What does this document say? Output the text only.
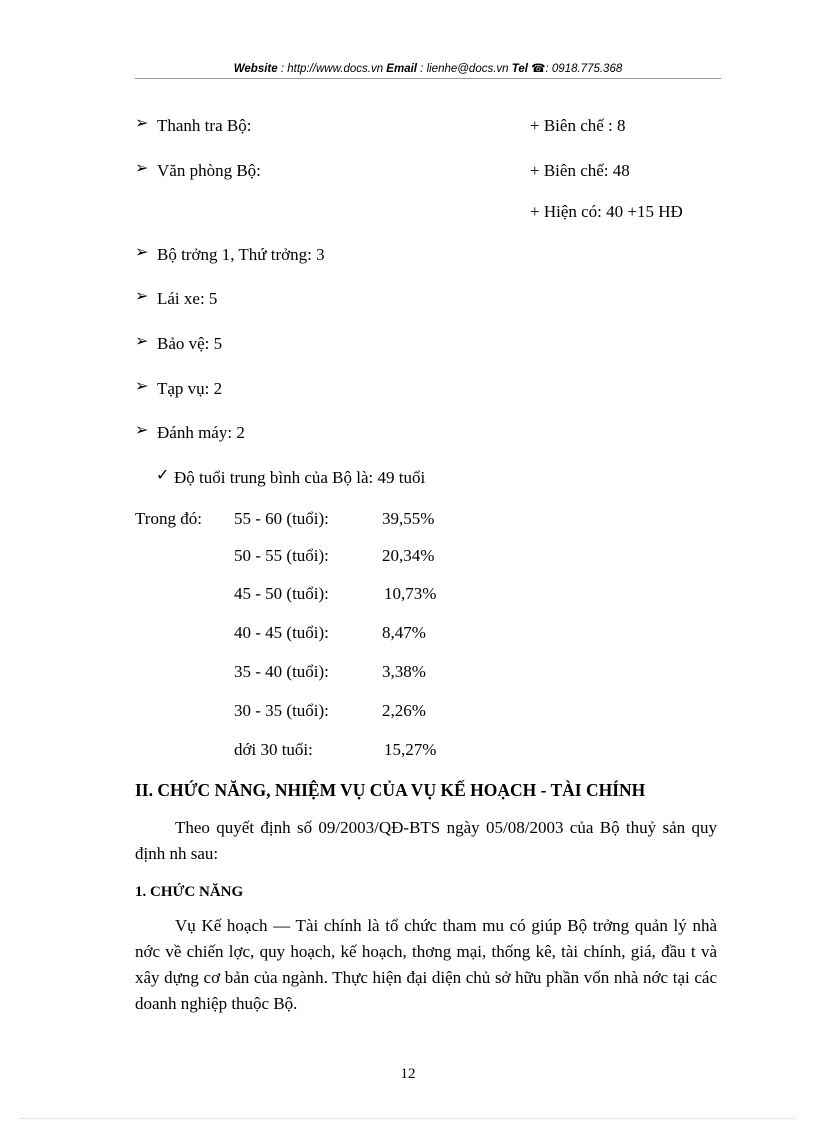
Website : http://www.docs.vn Email : lienhe@docs.vn Tel ☎: 0918.775.368
➢ Thanh tra Bộ:	+ Biên chế : 8
➢ Văn phòng Bộ:	+ Biên chế: 48
+ Hiện có: 40 +15 HĐ
➢ Bộ trởng 1, Thứ trởng: 3
➢ Lái xe: 5
➢ Bảo vệ: 5
➢ Tạp vụ: 2
➢ Đánh máy: 2
✓ Độ tuổi trung bình của Bộ là: 49 tuổi
Trong đó: 55 - 60 (tuổi):	39,55%
50 - 55 (tuổi):	20,34%
45 - 50 (tuổi):	10,73%
40 - 45 (tuổi):	8,47%
35 - 40 (tuổi):	3,38%
30 - 35 (tuổi):	2,26%
dới 30 tuổi:	15,27%
II. CHỨC NĂNG, NHIỆM VỤ CỦA VỤ KẾ HOẠCH - TÀI CHÍNH
Theo quyết định số 09/2003/QĐ-BTS ngày 05/08/2003 của Bộ thuỷ sản quy định nh sau:
1. CHỨC NĂNG
Vụ Kế hoạch — Tài chính là tổ chức tham mu có giúp Bộ trởng quản lý nhà nớc về chiến lợc, quy hoạch, kế hoạch, thơng mại, thống kê, tài chính, giá, đầu t và xây dựng cơ bản của ngành. Thực hiện đại diện chủ sở hữu phần vốn nhà nớc tại các doanh nghiệp thuộc Bộ.
12
